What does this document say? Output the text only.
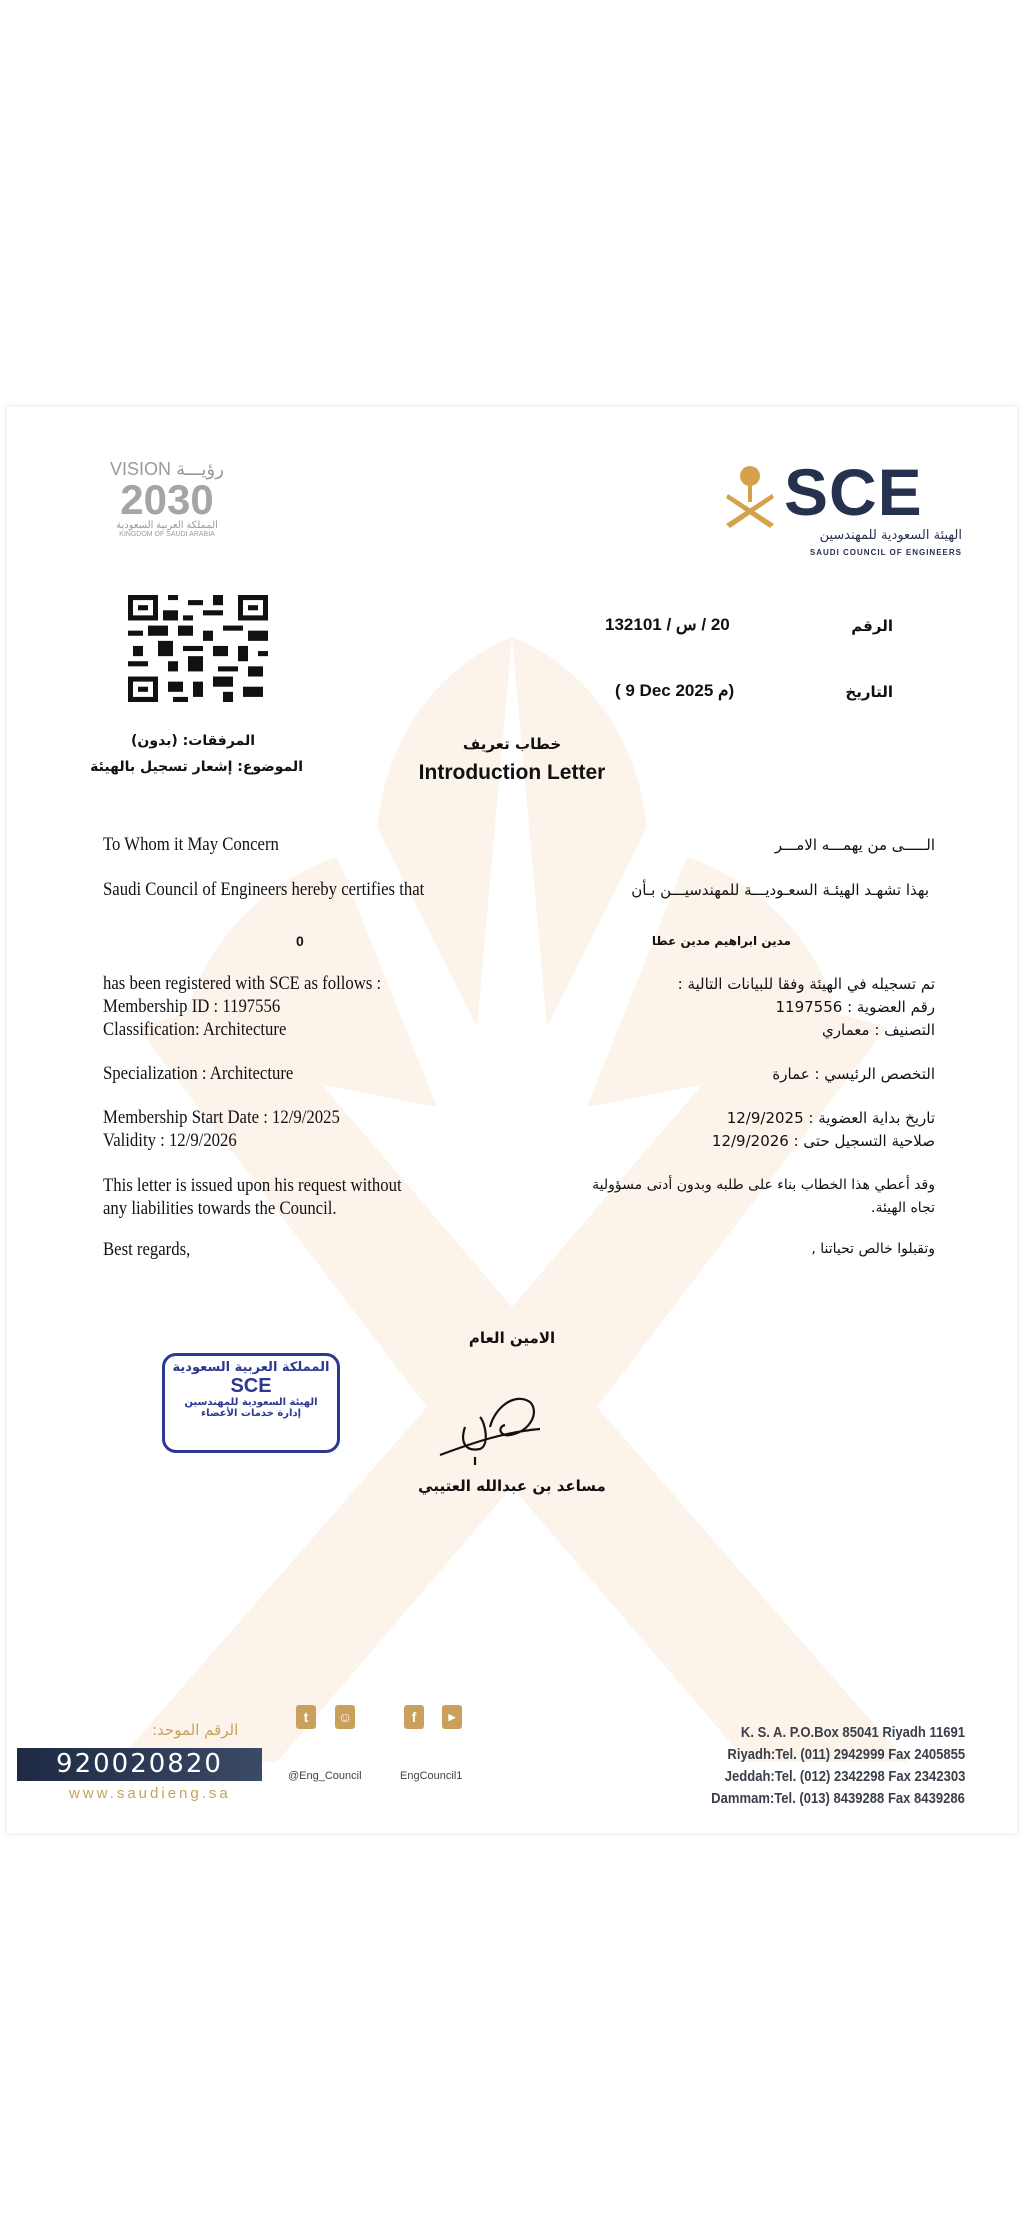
VISION رؤيـــة
2030
المملكة العربية السعودية
KINGDOM OF SAUDI ARABIA
SCE
الهيئة السعودية للمهندسين
SAUDI COUNCIL OF ENGINEERS
الرقم
20 / س / 132101
التاريخ
( 9 Dec 2025 م)
المرفقات: (بدون)
الموضوع: إشعار تسجيل بالهيئة
خطاب تعريف
Introduction Letter
To Whom it May Concern
Saudi Council of Engineers hereby certifies that
0
has been registered with SCE as follows :
Membership ID : 1197556
Classification: Architecture
Specialization : Architecture
Membership Start Date : 12/9/2025
Validity : 12/9/2026
This letter is issued upon his request without
any liabilities towards the Council.
Best regards,
الـــــى من يهمـــه الامـــر
بهذا تشهـد الهيئـة السعـوديـــة للمهندسيـــن بـأن
مدين ابراهيم مدين عطا
تم تسجيله في الهيئة وفقا للبيانات التالية :
رقم العضوية : 1197556
التصنيف : معماري
التخصص الرئيسي : عمارة
تاريخ بداية العضوية : 12/9/2025
صلاحية التسجيل حتى : 12/9/2026
وقد أعطي هذا الخطاب بناء على طلبه وبدون أدنى مسؤولية
تجاه الهيئة.
وتقبلوا خالص تحياتنا ,
الامين العام
المملكة العربية السعودية
SCE
الهيئة السعودية للمهندسين
إدارة خدمات الأعضاء
مساعد بن عبدالله العتيبي
الرقم الموحد:
920020820
www.saudieng.sa
t	☺
@Eng_Council
f	▶
EngCouncil1
K. S. A. P.O.Box 85041 Riyadh 11691
Riyadh:Tel. (011) 2942999 Fax 2405855
Jeddah:Tel. (012) 2342298 Fax 2342303
Dammam:Tel. (013) 8439288 Fax 8439286
